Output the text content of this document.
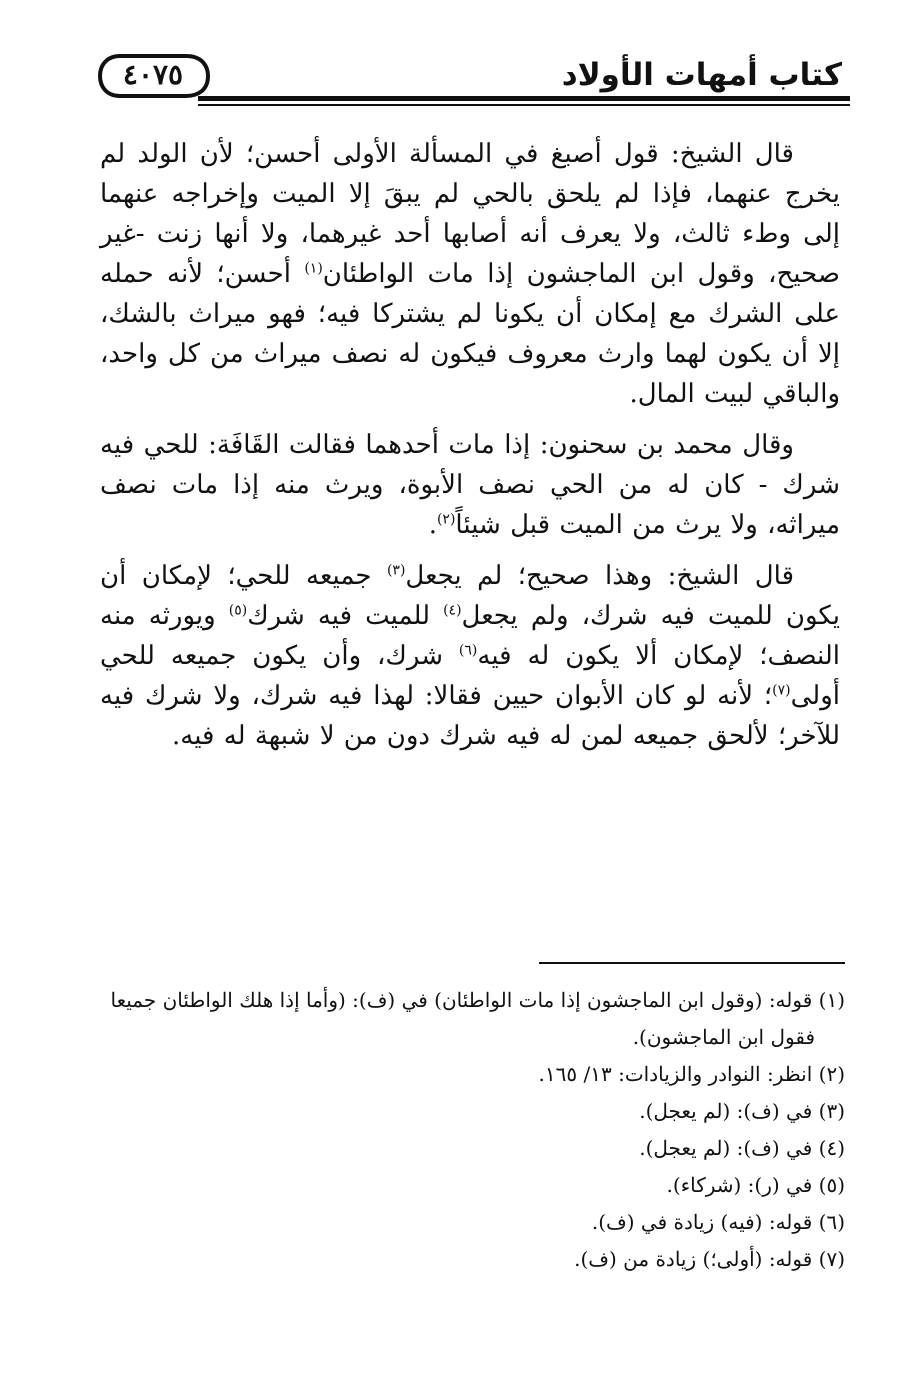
كتاب أمهات الأولاد
٤٠٧٥

قال الشيخ: قول أصبغ في المسألة الأولى أحسن؛ لأن الولد لم يخرج عنهما، فإذا لم يلحق بالحي لم يبقَ إلا الميت وإخراجه عنهما إلى وطء ثالث، ولا يعرف أنه أصابها أحد غيرهما، ولا أنها زنت -غير صحيح، وقول ابن الماجشون إذا مات الواطئان$^{(١)}$ أحسن؛ لأنه حمله على الشرك مع إمكان أن يكونا لم يشتركا فيه؛ فهو ميراث بالشك، إلا أن يكون لهما وارث معروف فيكون له نصف ميراث من كل واحد، والباقي لبيت المال.

وقال محمد بن سحنون: إذا مات أحدهما فقالت القَافَة: للحي فيه شرك - كان له من الحي نصف الأبوة، ويرث منه إذا مات نصف ميراثه، ولا يرث من الميت قبل شيئاً$^{(٢)}$.

قال الشيخ: وهذا صحيح؛ لم يجعل$^{(٣)}$ جميعه للحي؛ لإمكان أن يكون للميت فيه شرك، ولم يجعل$^{(٤)}$ للميت فيه شرك$^{(٥)}$ ويورثه منه النصف؛ لإمكان ألا يكون له فيه$^{(٦)}$ شرك، وأن يكون جميعه للحي أولى$^{(٧)}$؛ لأنه لو كان الأبوان حيين فقالا: لهذا فيه شرك، ولا شرك فيه للآخر؛ لألحق جميعه لمن له فيه شرك دون من لا شبهة له فيه.

(١) قوله: (وقول ابن الماجشون إذا مات الواطئان) في (ف): (وأما إذا هلك الواطئان جميعا

فقول ابن الماجشون).

(٢) انظر: النوادر والزيادات: ١٣/ ١٦٥.

(٣) في (ف): (لم يعجل).

(٤) في (ف): (لم يعجل).

(٥) في (ر): (شركاء).

(٦) قوله: (فيه) زيادة في (ف).

(٧) قوله: (أولى؛) زيادة من (ف).
